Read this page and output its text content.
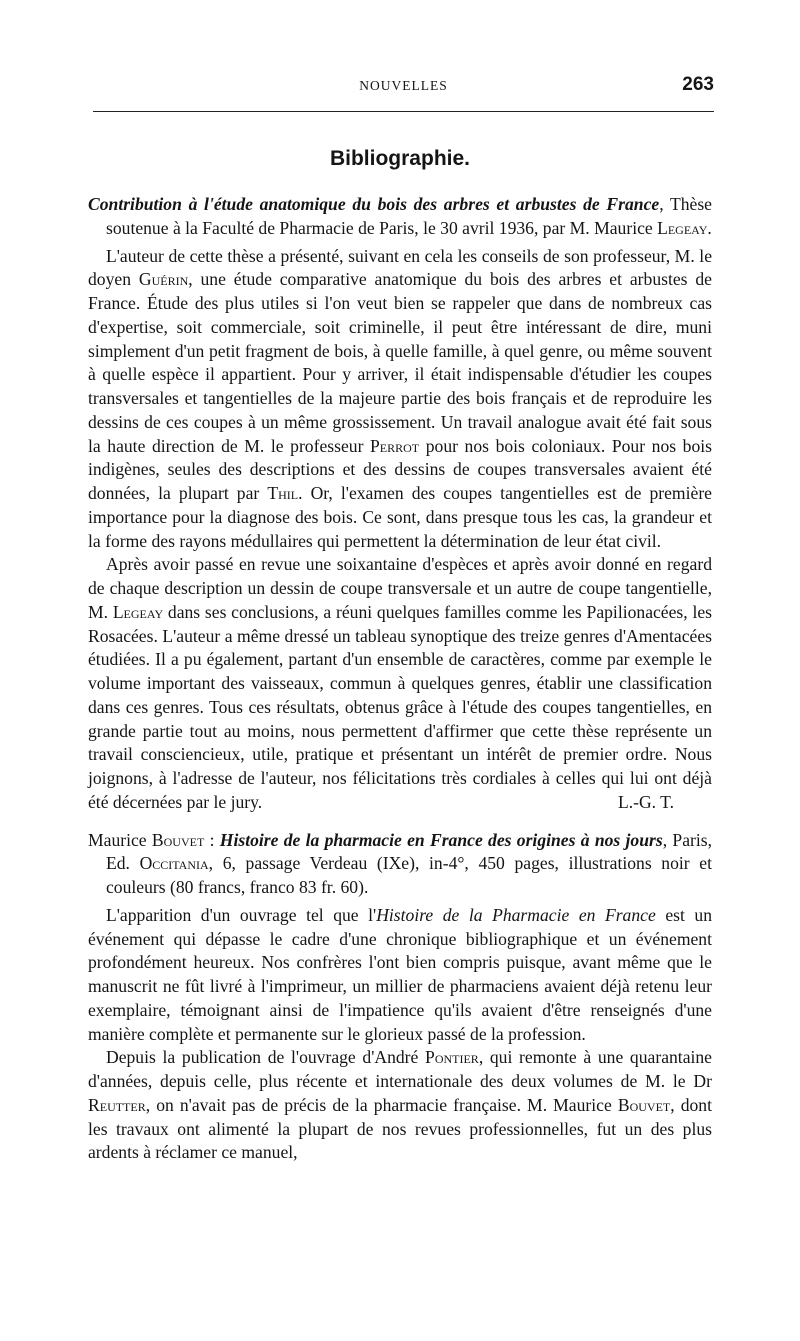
NOUVELLES	263
Bibliographie.

Contribution à l'étude anatomique du bois des arbres et arbustes de France, Thèse soutenue à la Faculté de Pharmacie de Paris, le 30 avril 1936, par M. Maurice Legeay.

L'auteur de cette thèse a présenté, suivant en cela les conseils de son professeur, M. le doyen Guérin, une étude comparative anatomique du bois des arbres et arbustes de France. Étude des plus utiles si l'on veut bien se rappeler que dans de nombreux cas d'expertise, soit commerciale, soit criminelle, il peut être intéressant de dire, muni simplement d'un petit fragment de bois, à quelle famille, à quel genre, ou même souvent à quelle espèce il appartient. Pour y arriver, il était indispensable d'étudier les coupes transversales et tangentielles de la majeure partie des bois français et de reproduire les dessins de ces coupes à un même grossissement. Un travail analogue avait été fait sous la haute direction de M. le professeur Perrot pour nos bois coloniaux. Pour nos bois indigènes, seules des descriptions et des dessins de coupes transversales avaient été données, la plupart par Thil. Or, l'examen des coupes tangentielles est de première importance pour la diagnose des bois. Ce sont, dans presque tous les cas, la grandeur et la forme des rayons médullaires qui permettent la détermination de leur état civil.

Après avoir passé en revue une soixantaine d'espèces et après avoir donné en regard de chaque description un dessin de coupe transversale et un autre de coupe tangentielle, M. Legeay dans ses conclusions, a réuni quelques familles comme les Papilionacées, les Rosacées. L'auteur a même dressé un tableau synoptique des treize genres d'Amentacées étudiées. Il a pu également, partant d'un ensemble de caractères, comme par exemple le volume important des vaisseaux, commun à quelques genres, établir une classification dans ces genres. Tous ces résultats, obtenus grâce à l'étude des coupes tangentielles, en grande partie tout au moins, nous permettent d'affirmer que cette thèse représente un travail consciencieux, utile, pratique et présentant un intérêt de premier ordre. Nous joignons, à l'adresse de l'auteur, nos félicitations très cordiales à celles qui lui ont déjà été décernées par le jury.	L.-G. T.

Maurice Bouvet : Histoire de la pharmacie en France des origines à nos jours, Paris, Ed. Occitania, 6, passage Verdeau (IXe), in-4°, 450 pages, illustrations noir et couleurs (80 francs, franco 83 fr. 60).

L'apparition d'un ouvrage tel que l'Histoire de la Pharmacie en France est un événement qui dépasse le cadre d'une chronique bibliographique et un événement profondément heureux. Nos confrères l'ont bien compris puisque, avant même que le manuscrit ne fût livré à l'imprimeur, un millier de pharmaciens avaient déjà retenu leur exemplaire, témoignant ainsi de l'impatience qu'ils avaient d'être renseignés d'une manière complète et permanente sur le glorieux passé de la profession.

Depuis la publication de l'ouvrage d'André Pontier, qui remonte à une quarantaine d'années, depuis celle, plus récente et internationale des deux volumes de M. le Dr Reutter, on n'avait pas de précis de la pharmacie française. M. Maurice Bouvet, dont les travaux ont alimenté la plupart de nos revues professionnelles, fut un des plus ardents à réclamer ce manuel,
